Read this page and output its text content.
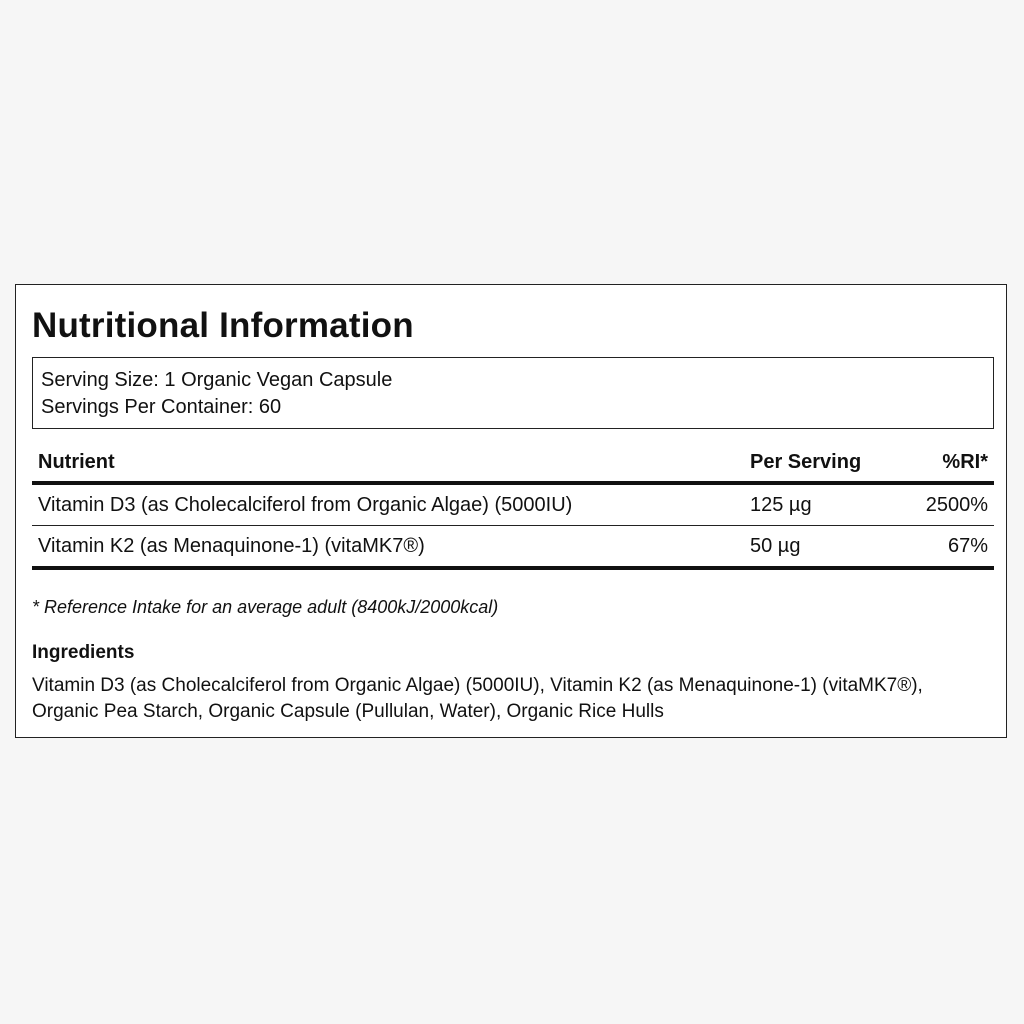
Nutritional Information
Serving Size: 1 Organic Vegan Capsule
Servings Per Container: 60
Nutrient	Per Serving	%RI*
Vitamin D3 (as Cholecalciferol from Organic Algae) (5000IU)	125 µg	2500%
Vitamin K2 (as Menaquinone-1) (vitaMK7®)	50 µg	67%
* Reference Intake for an average adult (8400kJ/2000kcal)
Ingredients
Vitamin D3 (as Cholecalciferol from Organic Algae) (5000IU), Vitamin K2 (as Menaquinone-1) (vitaMK7®), Organic Pea Starch, Organic Capsule (Pullulan, Water), Organic Rice Hulls
